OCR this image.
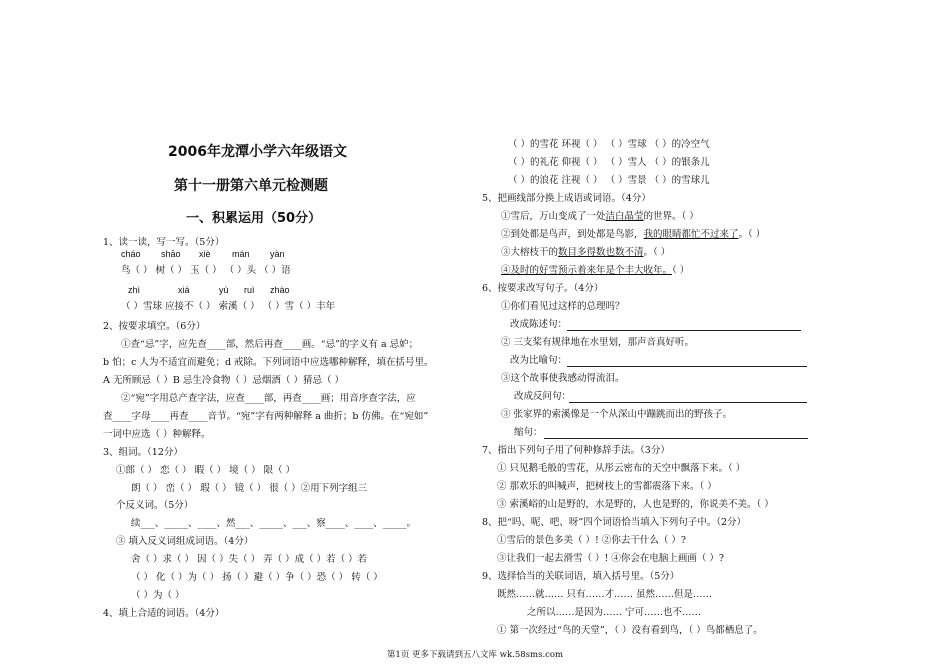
2006年龙潭小学六年级语文
第十一册第六单元检测题
一、积累运用（50分）
1、读一读，写一写。（5分）
cháo shāo xiè mán yàn
鸟（ ） 树（ ） 玉（ ） （ ）头 （ ）语
zhì	xiá	yù ruì zhào
（ ）雪球 应接不（ ） 索溪（ ） （ ）雪（ ）丰年
2、按要求填空。（6分）
①查“忌”字，应先查____部，然后再查____画。“忌”的字义有 a 忌妒；
b 怕；c 人为不适宜而避免；d 戒除。下列词语中应选哪种解释，填在括号里。
A 无所顾忌（ ）B 忌生冷食物（ ）忌烟酒（ ）猜忌（ ）
②“宛”字用总产查字法，应查____部，再查____画；用音序查字法，应
查____字母____再查____音节。“宛”字有两种解释 a 曲折；b 仿佛。在“宛如”
一词中应选（ ）种解释。
3、组词。（12分）
①郎（ ） 恋（ ） 暇（ ） 境（ ） 限（ ）
朗（ ） 峦（ ） 瑕（ ） 镜（ ） 很（ ）②用下列字组三
个反义词。（5分）
续___、_____、____、然___、_____、___、察____、____、_____。
③ 填入反义词组成词语。（4分）
舍（ ）求（ ） 因（ ）失（ ） 弄（ ）成（ ）若（ ）若
（ ） 化（ ）为（ ） 扬（ ）避（ ）争（ ）恐（ ） 转（ ）
（ ）为（ ）
4、填上合适的词语。（4分）
（ ）的雪花 环视（ ） （ ）雪球 （ ）的冷空气
（ ）的礼花 仰视（ ） （ ）雪人 （ ）的银条儿
（ ）的浪花 注视（ ） （ ）雪景 （ ）的雪球儿
5、把画线部分换上成语或词语。（4分）
①雪后，万山变成了一处洁白晶莹的世界。（ ）
②到处都是鸟声，到处都是鸟影，我的眼睛都忙不过来了。（ ）
③大榕枝干的数目多得数也数不清。（ ）
④及时的好雪预示着来年是个丰大收年。（ ）
6、按要求改写句子。（4分）
①你们看见过这样的总理吗？
改成陈述句：
② 三支桨有规律地在水里划，那声音真好听。
改为比喻句：
③这个故事使我感动得流泪。
改成反问句：
③ 张家界的索溪像是一个从深山中蹦跳而出的野孩子。
缩句：
7、指出下列句子用了何种修辞手法。（3分）
① 只见鹅毛般的雪花，从彤云密布的天空中飘落下来。（ ）
② 那欢乐的叫喊声，把树枝上的雪都震落下来。（ ）
③ 索溪峪的山是野的，水是野的，人也是野的，你说美不美。（ ）
8、把“吗、呢、吧、呀”四个词语恰当填入下列句子中。（2分）
①雪后的景色多美（ ）! ②你去干什么（ ）?
③让我们一起去滑雪（ ）! ④你会在电脑上画画（ ）?
9、选择恰当的关联词语，填入括号里。（5分）
既然……就…… 只有……才…… 虽然……但是……
之所以……是因为…… 宁可……也不……
① 第一次经过“鸟的天堂”，（ ）没有看到鸟，（ ）鸟都栖息了。
第1页 更多下载请到五八文库 wk.58sms.com
